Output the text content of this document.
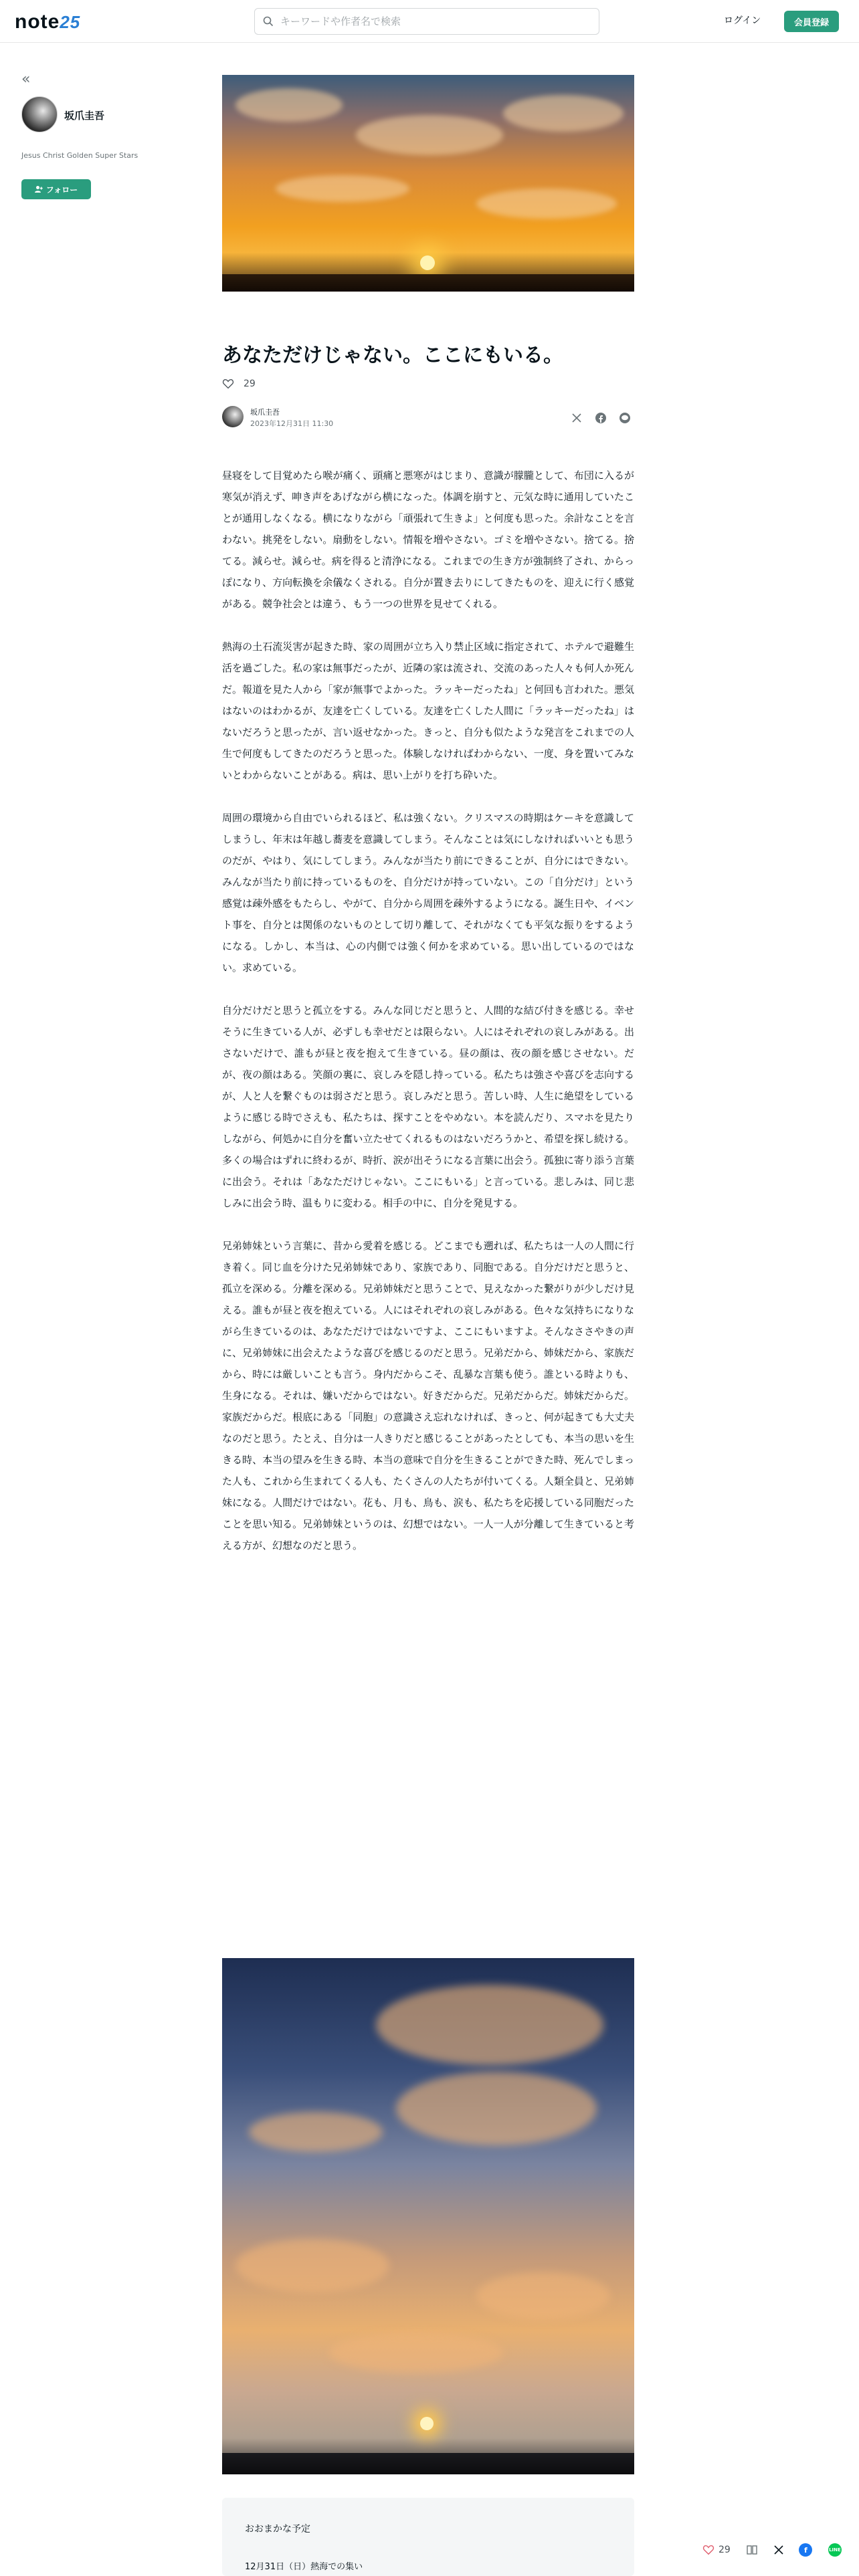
note25
キーワードや作者名で検索	ログイン	会員登録
«
坂爪圭吾
Jesus Christ Golden Super Stars
フォロー
あなただけじゃない。ここにもいる。
29
坂爪圭吾
2023年12月31日 11:30

昼寝をして目覚めたら喉が痛く、頭痛と悪寒がはじまり、意識が朦朧として、布団に入るが寒気が消えず、呻き声をあげながら横になった。体調を崩すと、元気な時に通用していたことが通用しなくなる。横になりながら「頑張れて生きよ」と何度も思った。余計なことを言わない。挑発をしない。扇動をしない。情報を増やさない。ゴミを増やさない。捨てる。捨てる。減らせ。減らせ。病を得ると清浄になる。これまでの生き方が強制終了され、からっぽになり、方向転換を余儀なくされる。自分が置き去りにしてきたものを、迎えに行く感覚がある。競争社会とは違う、もう一つの世界を見せてくれる。

熱海の土石流災害が起きた時、家の周囲が立ち入り禁止区域に指定されて、ホテルで避難生活を過ごした。私の家は無事だったが、近隣の家は流され、交流のあった人々も何人か死んだ。報道を見た人から「家が無事でよかった。ラッキーだったね」と何回も言われた。悪気はないのはわかるが、友達を亡くしている。友達を亡くした人間に「ラッキーだったね」はないだろうと思ったが、言い返せなかった。きっと、自分も似たような発言をこれまでの人生で何度もしてきたのだろうと思った。体験しなければわからない、一度、身を置いてみないとわからないことがある。病は、思い上がりを打ち砕いた。

周囲の環境から自由でいられるほど、私は強くない。クリスマスの時期はケーキを意識してしまうし、年末は年越し蕎麦を意識してしまう。そんなことは気にしなければいいとも思うのだが、やはり、気にしてしまう。みんなが当たり前にできることが、自分にはできない。みんなが当たり前に持っているものを、自分だけが持っていない。この「自分だけ」という感覚は疎外感をもたらし、やがて、自分から周囲を疎外するようになる。誕生日や、イベント事を、自分とは関係のないものとして切り離して、それがなくても平気な振りをするようになる。しかし、本当は、心の内側では強く何かを求めている。思い出しているのではない。求めている。

自分だけだと思うと孤立をする。みんな同じだと思うと、人間的な結び付きを感じる。幸せそうに生きている人が、必ずしも幸せだとは限らない。人にはそれぞれの哀しみがある。出さないだけで、誰もが昼と夜を抱えて生きている。昼の顔は、夜の顔を感じさせない。だが、夜の顔はある。笑顔の裏に、哀しみを隠し持っている。私たちは強さや喜びを志向するが、人と人を繋ぐものは弱さだと思う。哀しみだと思う。苦しい時、人生に絶望をしているように感じる時でさえも、私たちは、探すことをやめない。本を読んだり、スマホを見たりしながら、何処かに自分を奮い立たせてくれるものはないだろうかと、希望を探し続ける。多くの場合はずれに終わるが、時折、涙が出そうになる言葉に出会う。孤独に寄り添う言葉に出会う。それは「あなただけじゃない。ここにもいる」と言っている。悲しみは、同じ悲しみに出会う時、温もりに変わる。相手の中に、自分を発見する。

兄弟姉妹という言葉に、昔から愛着を感じる。どこまでも遡れば、私たちは一人の人間に行き着く。同じ血を分けた兄弟姉妹であり、家族であり、同胞である。自分だけだと思うと、孤立を深める。分離を深める。兄弟姉妹だと思うことで、見えなかった繋がりが少しだけ見える。誰もが昼と夜を抱えている。人にはそれぞれの哀しみがある。色々な気持ちになりながら生きているのは、あなただけではないですよ、ここにもいますよ。そんなささやきの声に、兄弟姉妹に出会えたような喜びを感じるのだと思う。兄弟だから、姉妹だから、家族だから、時には厳しいことも言う。身内だからこそ、乱暴な言葉も使う。誰といる時よりも、生身になる。それは、嫌いだからではない。好きだからだ。兄弟だからだ。姉妹だからだ。家族だからだ。根底にある「同胞」の意識さえ忘れなければ、きっと、何が起きても大丈夫なのだと思う。たとえ、自分は一人きりだと感じることがあったとしても、本当の思いを生きる時、本当の望みを生きる時、本当の意味で自分を生きることができた時、死んでしまった人も、これから生まれてくる人も、たくさんの人たちが付いてくる。人類全員と、兄弟姉妹になる。人間だけではない。花も、月も、鳥も、涙も、私たちを応援している同胞だったことを思い知る。兄弟姉妹というのは、幻想ではない。一人一人が分離して生きていると考える方が、幻想なのだと思う。

おおまかな予定
12月31日（日）熱海での集い
29	f	LINE
